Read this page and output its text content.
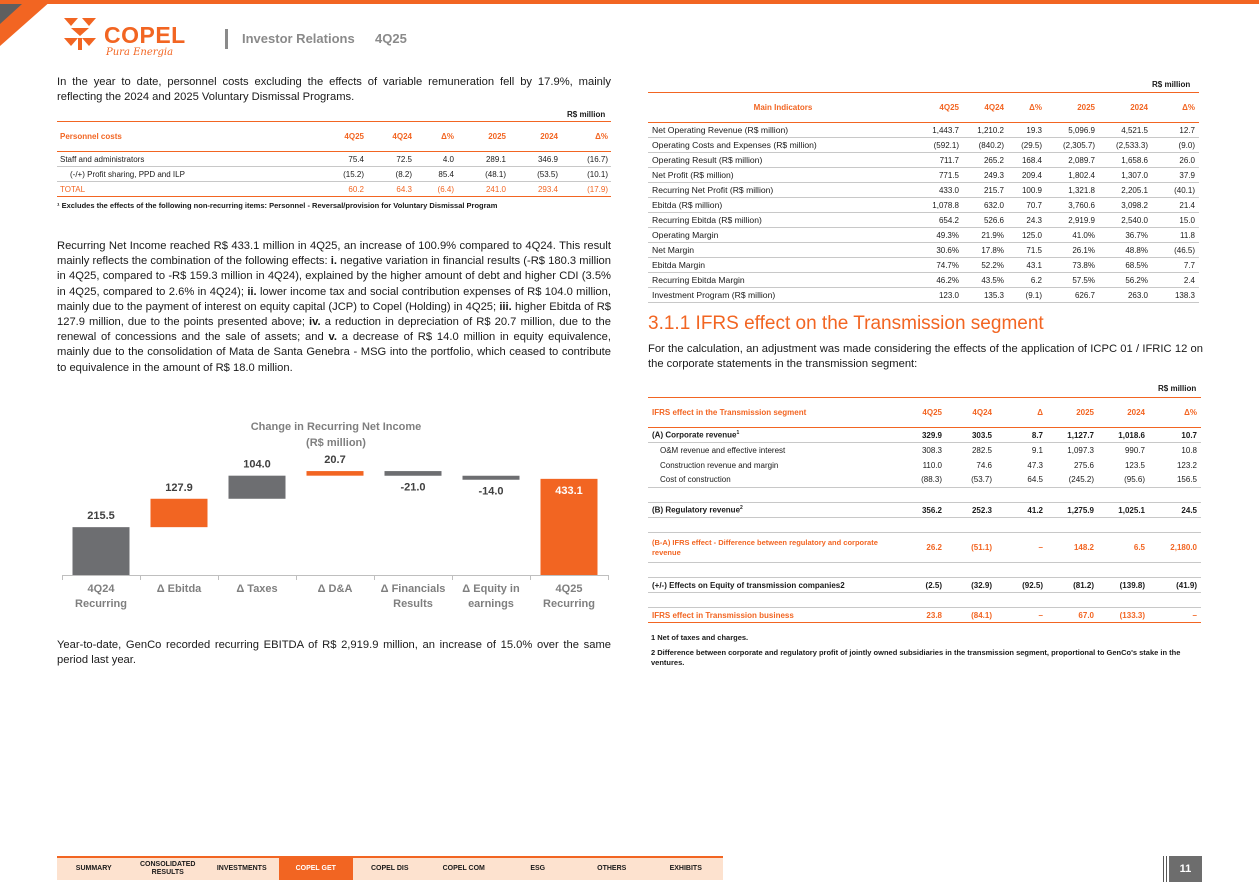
COPEL
Pura Energia
Investor Relations 4Q25

In the year to date, personnel costs excluding the effects of variable remuneration fell by 17.9%, mainly reflecting the 2024 and 2025 Voluntary Dismissal Programs.

R$ million
Personnel costs	4Q25	4Q24	Δ%	2025	2024	Δ%
Staff and administrators	75.4	72.5	4.0	289.1	346.9	(16.7)
(-/+) Profit sharing, PPD and ILP	(15.2)	(8.2)	85.4	(48.1)	(53.5)	(10.1)
TOTAL	60.2	64.3	(6.4)	241.0	293.4	(17.9)
¹ Excludes the effects of the following non-recurring items: Personnel - Reversal/provision for Voluntary Dismissal Program

Recurring Net Income reached R$ 433.1 million in 4Q25, an increase of 100.9% compared to 4Q24. This result mainly reflects the combination of the following effects: i. negative variation in financial results (-R$ 180.3 million in 4Q25, compared to -R$ 159.3 million in 4Q24), explained by the higher amount of debt and higher CDI (3.5% in 4Q25, compared to 2.6% in 4Q24); ii. lower income tax and social contribution expenses of R$ 104.0 million, mainly due to the payment of interest on equity capital (JCP) to Copel (Holding) in 4Q25; iii. higher Ebitda of R$ 127.9 million, due to the points presented above; iv. a reduction in depreciation of R$ 20.7 million, due to the renewal of concessions and the sale of assets; and v. a decrease of R$ 14.0 million in equity equivalence, mainly due to the consolidation of Mata de Santa Genebra - MSG into the portfolio, which ceased to contribute to equivalence in the amount of R$ 18.0 million.

Change in Recurring Net Income
(R$ million)
215.5
4Q24
Recurring
127.9
Δ Ebitda
104.0
Δ Taxes
20.7
Δ D&A
-21.0
Δ Financials
Results
-14.0
Δ Equity in
earnings
433.1
4Q25
Recurring

Year-to-date, GenCo recorded recurring EBITDA of R$ 2,919.9 million, an increase of 15.0% over the same period last year.

R$ million
Main Indicators	4Q25	4Q24	Δ%	2025	2024	Δ%
Net Operating Revenue (R$ million)	1,443.7	1,210.2	19.3	5,096.9	4,521.5	12.7
Operating Costs and Expenses (R$ million)	(592.1)	(840.2)	(29.5)	(2,305.7)	(2,533.3)	(9.0)
Operating Result (R$ million)	711.7	265.2	168.4	2,089.7	1,658.6	26.0
Net Profit (R$ million)	771.5	249.3	209.4	1,802.4	1,307.0	37.9
Recurring Net Profit (R$ million)	433.0	215.7	100.9	1,321.8	2,205.1	(40.1)
Ebitda (R$ million)	1,078.8	632.0	70.7	3,760.6	3,098.2	21.4
Recurring Ebitda (R$ million)	654.2	526.6	24.3	2,919.9	2,540.0	15.0
Operating Margin	49.3%	21.9%	125.0	41.0%	36.7%	11.8
Net Margin	30.6%	17.8%	71.5	26.1%	48.8%	(46.5)
Ebitda Margin	74.7%	52.2%	43.1	73.8%	68.5%	7.7
Recurring Ebitda Margin	46.2%	43.5%	6.2	57.5%	56.2%	2.4
Investment Program (R$ million)	123.0	135.3	(9.1)	626.7	263.0	138.3
3.1.1 IFRS effect on the Transmission segment

For the calculation, an adjustment was made considering the effects of the application of ICPC 01 / IFRIC 12 on the corporate statements in the transmission segment:

R$ million
IFRS effect in the Transmission segment	4Q25	4Q24	Δ	2025	2024	Δ%
(A) Corporate revenue$^1$	329.9	303.5	8.7	1,127.7	1,018.6	10.7
O&M revenue and effective interest	308.3	282.5	9.1	1,097.3	990.7	10.8
Construction revenue and margin	110.0	74.6	47.3	275.6	123.5	123.2
Cost of construction	(88.3)	(53.7)	64.5	(245.2)	(95.6)	156.5

(B) Regulatory revenue$^2$	356.2	252.3	41.2	1,275.9	1,025.1	24.5

(B-A) IFRS effect - Difference between regulatory and corporate revenue	26.2	(51.1)	–	148.2	6.5	2,180.0

(+/-) Effects on Equity of transmission companies2	(2.5)	(32.9)	(92.5)	(81.2)	(139.8)	(41.9)

IFRS effect in Transmission business	23.8	(84.1)	–	67.0	(133.3)	–
1 Net of taxes and charges.
2 Difference between corporate and regulatory profit of jointly owned subsidiaries in the transmission segment, proportional to GenCo's stake in the ventures.
SUMMARY
CONSOLIDATED RESULTS
INVESTMENTS	COPEL GET	COPEL DIS	COPEL COM	ESG	OTHERS	EXHIBITS	11
